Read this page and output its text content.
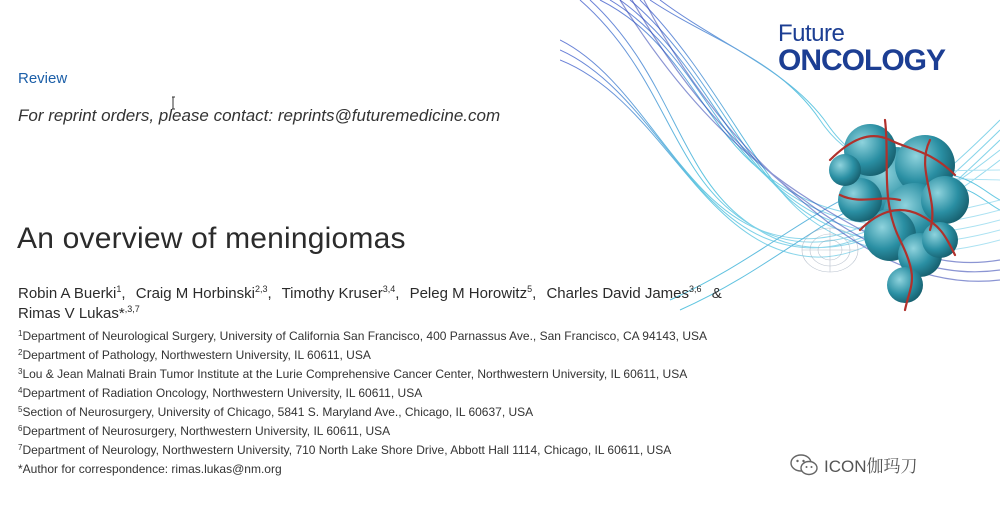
Future
ONCOLOGY
Review
For reprint orders, please contact: reprints@futuremedicine.com
An overview of meningiomas
Robin A Buerki$^1$, Craig M Horbinski$^{2,3}$, Timothy Kruser$^{3,4}$, Peleg M Horowitz$^5$, Charles David James$^{3,6}$ & Rimas V Lukas*$^{,3,7}$
$^1$Department of Neurological Surgery, University of California San Francisco, 400 Parnassus Ave., San Francisco, CA 94143, USA
$^2$Department of Pathology, Northwestern University, IL 60611, USA
$^3$Lou & Jean Malnati Brain Tumor Institute at the Lurie Comprehensive Cancer Center, Northwestern University, IL 60611, USA
$^4$Department of Radiation Oncology, Northwestern University, IL 60611, USA
$^5$Section of Neurosurgery, University of Chicago, 5841 S. Maryland Ave., Chicago, IL 60637, USA
$^6$Department of Neurosurgery, Northwestern University, IL 60611, USA
$^7$Department of Neurology, Northwestern University, 710 North Lake Shore Drive, Abbott Hall 1114, Chicago, IL 60611, USA
*Author for correspondence: rimas.lukas@nm.org	ICON伽玛刀
